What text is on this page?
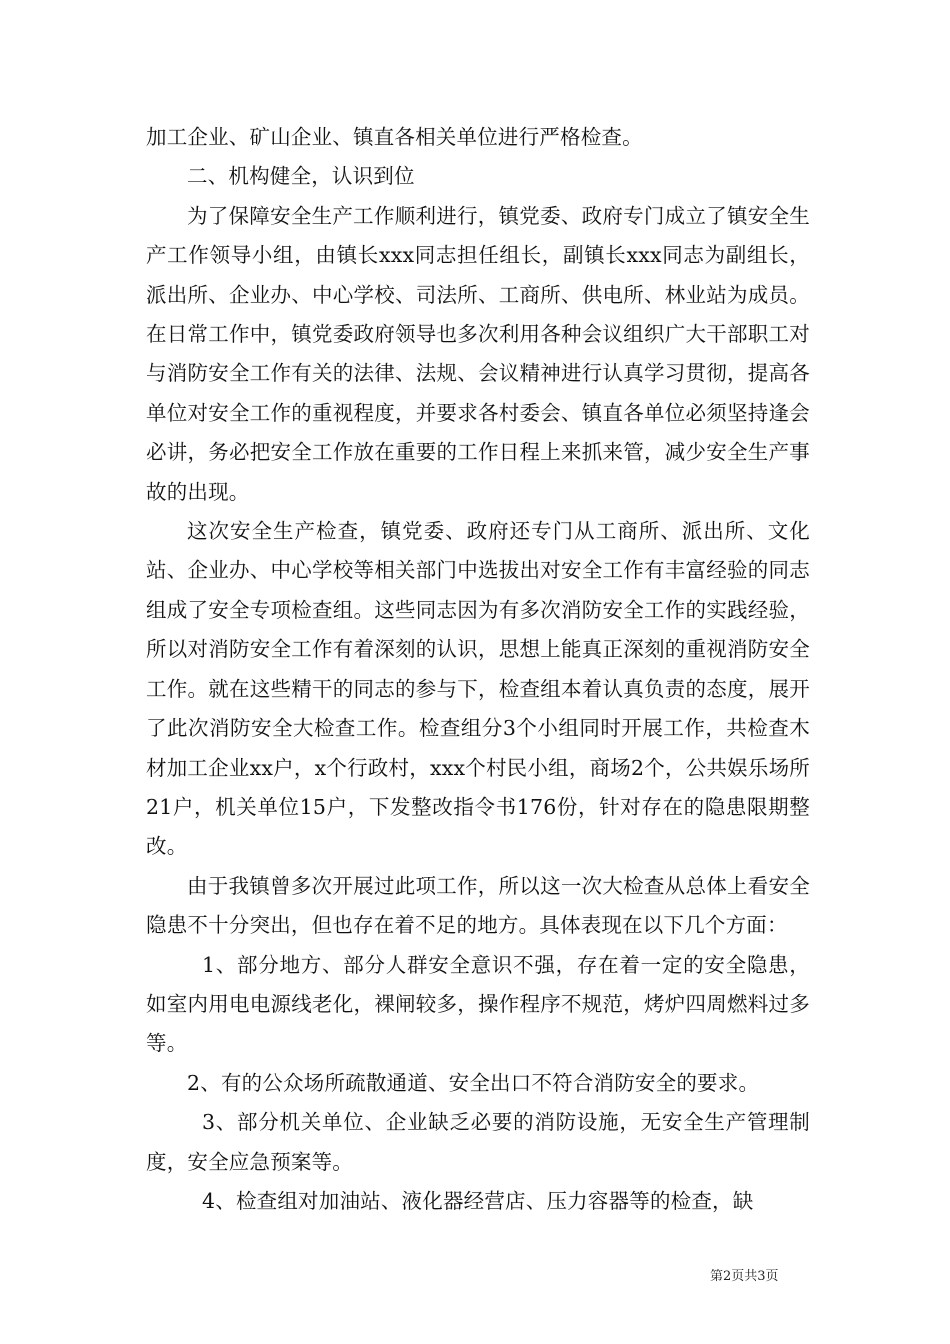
加工企业、矿山企业、镇直各相关单位进行严格检查。

二、机构健全，认识到位

为了保障安全生产工作顺利进行，镇党委、政府专门成立了镇安全生产工作领导小组，由镇长xxx同志担任组长，副镇长xxx同志为副组长，派出所、企业办、中心学校、司法所、工商所、供电所、林业站为成员。在日常工作中，镇党委政府领导也多次利用各种会议组织广大干部职工对与消防安全工作有关的法律、法规、会议精神进行认真学习贯彻，提高各单位对安全工作的重视程度，并要求各村委会、镇直各单位必须坚持逢会必讲，务必把安全工作放在重要的工作日程上来抓来管，减少安全生产事故的出现。

这次安全生产检查，镇党委、政府还专门从工商所、派出所、文化站、企业办、中心学校等相关部门中选拔出对安全工作有丰富经验的同志组成了安全专项检查组。这些同志因为有多次消防安全工作的实践经验，所以对消防安全工作有着深刻的认识，思想上能真正深刻的重视消防安全工作。就在这些精干的同志的参与下，检查组本着认真负责的态度，展开了此次消防安全大检查工作。检查组分3个小组同时开展工作，共检查木材加工企业xx户，x个行政村，xxx个村民小组，商场2个，公共娱乐场所21户，机关单位15户，下发整改指令书176份，针对存在的隐患限期整改。

由于我镇曾多次开展过此项工作，所以这一次大检查从总体上看安全隐患不十分突出，但也存在着不足的地方。具体表现在以下几个方面：

1、部分地方、部分人群安全意识不强，存在着一定的安全隐患，如室内用电电源线老化，裸闸较多，操作程序不规范，烤炉四周燃料过多等。

2、有的公众场所疏散通道、安全出口不符合消防安全的要求。

3、部分机关单位、企业缺乏必要的消防设施，无安全生产管理制度，安全应急预案等。

4、检查组对加油站、液化器经营店、压力容器等的检查，缺

第2页共3页
